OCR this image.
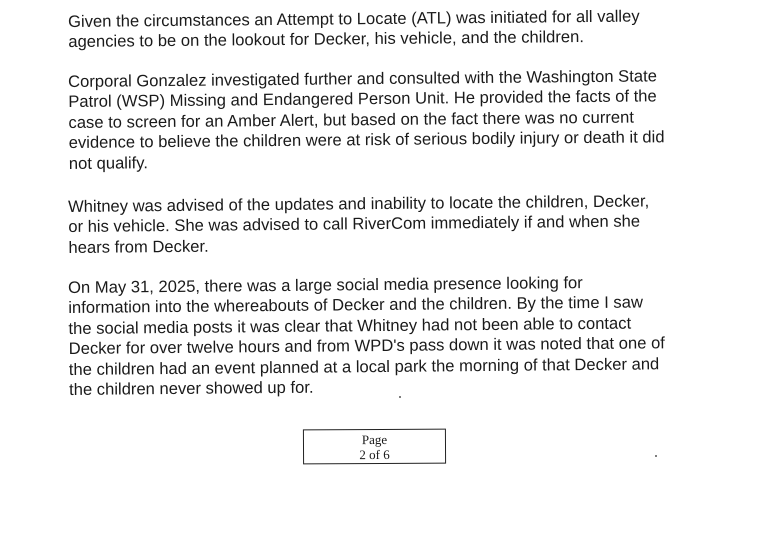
Given the circumstances an Attempt to Locate (ATL) was initiated for all valley
agencies to be on the lookout for Decker, his vehicle, and the children.
Corporal Gonzalez investigated further and consulted with the Washington State
Patrol (WSP) Missing and Endangered Person Unit. He provided the facts of the
case to screen for an Amber Alert, but based on the fact there was no current
evidence to believe the children were at risk of serious bodily injury or death it did
not qualify.
Whitney was advised of the updates and inability to locate the children, Decker,
or his vehicle. She was advised to call RiverCom immediately if and when she
hears from Decker.
On May 31, 2025, there was a large social media presence looking for
information into the whereabouts of Decker and the children. By the time I saw
the social media posts it was clear that Whitney had not been able to contact
Decker for over twelve hours and from WPD's pass down it was noted that one of
the children had an event planned at a local park the morning of that Decker and
the children never showed up for.
Page
2 of 6
